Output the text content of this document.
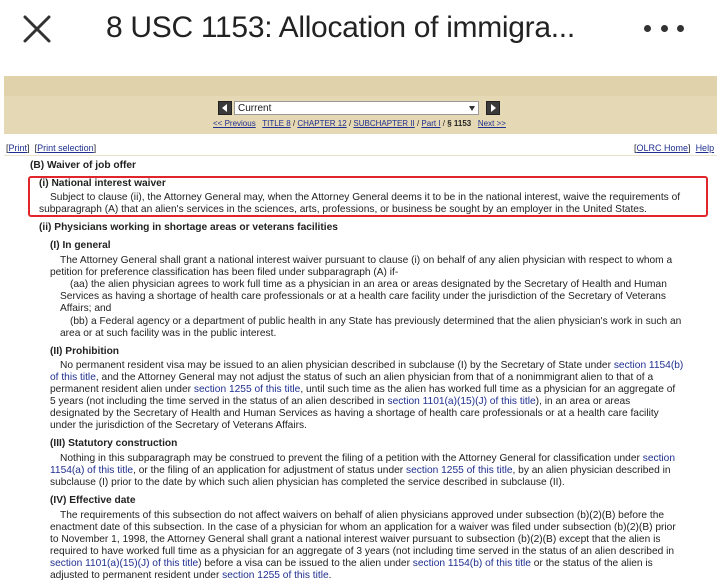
8 USC 1153: Allocation of immigra...
Current
<< Previous TITLE 8 / CHAPTER 12 / SUBCHAPTER II / Part I / § 1153 Next >>
[Print] [Print selection]	[OLRC Home] Help
(B) Waiver of job offer
(i) National interest waiver
Subject to clause (ii), the Attorney General may, when the Attorney General deems it to be in the national interest, waive the requirements of
subparagraph (A) that an alien's services in the sciences, arts, professions, or business be sought by an employer in the United States.
(ii) Physicians working in shortage areas or veterans facilities
(I) In general
The Attorney General shall grant a national interest waiver pursuant to clause (i) on behalf of any alien physician with respect to whom a
petition for preference classification has been filed under subparagraph (A) if-
(aa) the alien physician agrees to work full time as a physician in an area or areas designated by the Secretary of Health and Human
Services as having a shortage of health care professionals or at a health care facility under the jurisdiction of the Secretary of Veterans
Affairs; and
(bb) a Federal agency or a department of public health in any State has previously determined that the alien physician's work in such an
area or at such facility was in the public interest.
(II) Prohibition
No permanent resident visa may be issued to an alien physician described in subclause (I) by the Secretary of State under section 1154(b)
of this title, and the Attorney General may not adjust the status of such an alien physician from that of a nonimmigrant alien to that of a
permanent resident alien under section 1255 of this title, until such time as the alien has worked full time as a physician for an aggregate of
5 years (not including the time served in the status of an alien described in section 1101(a)(15)(J) of this title), in an area or areas
designated by the Secretary of Health and Human Services as having a shortage of health care professionals or at a health care facility
under the jurisdiction of the Secretary of Veterans Affairs.
(III) Statutory construction
Nothing in this subparagraph may be construed to prevent the filing of a petition with the Attorney General for classification under section
1154(a) of this title, or the filing of an application for adjustment of status under section 1255 of this title, by an alien physician described in
subclause (I) prior to the date by which such alien physician has completed the service described in subclause (II).
(IV) Effective date
The requirements of this subsection do not affect waivers on behalf of alien physicians approved under subsection (b)(2)(B) before the
enactment date of this subsection. In the case of a physician for whom an application for a waiver was filed under subsection (b)(2)(B) prior
to November 1, 1998, the Attorney General shall grant a national interest waiver pursuant to subsection (b)(2)(B) except that the alien is
required to have worked full time as a physician for an aggregate of 3 years (not including time served in the status of an alien described in
section 1101(a)(15)(J) of this title) before a visa can be issued to the alien under section 1154(b) of this title or the status of the alien is
adjusted to permanent resident under section 1255 of this title.
